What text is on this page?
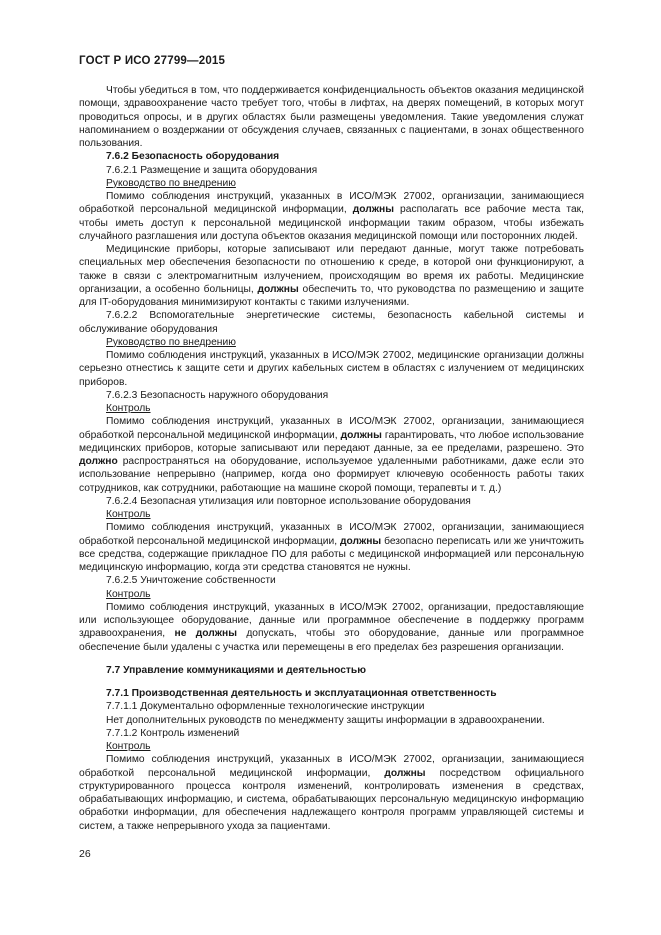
ГОСТ Р ИСО 27799—2015

Чтобы убедиться в том, что поддерживается конфиденциальность объектов оказания медицинской помощи, здравоохранение часто требует того, чтобы в лифтах, на дверях помещений, в которых могут проводиться опросы, и в других областях были размещены уведомления. Такие уведомления служат напоминанием о воздержании от обсуждения случаев, связанных с пациентами, в зонах общественного пользования.

7.6.2 Безопасность оборудования

7.6.2.1 Размещение и защита оборудования

Руководство по внедрению

Помимо соблюдения инструкций, указанных в ИСО/МЭК 27002, организации, занимающиеся обработкой персональной медицинской информации, должны располагать все рабочие места так, чтобы иметь доступ к персональной медицинской информации таким образом, чтобы избежать случайного разглашения или доступа объектов оказания медицинской помощи или посторонних людей.

Медицинские приборы, которые записывают или передают данные, могут также потребовать специальных мер обеспечения безопасности по отношению к среде, в которой они функционируют, а также в связи с электромагнитным излучением, происходящим во время их работы. Медицинские организации, а особенно больницы, должны обеспечить то, что руководства по размещению и защите для IT-оборудования минимизируют контакты с такими излучениями.

7.6.2.2 Вспомогательные энергетические системы, безопасность кабельной системы и обслуживание оборудования

Руководство по внедрению

Помимо соблюдения инструкций, указанных в ИСО/МЭК 27002, медицинские организации должны серьезно отнестись к защите сети и других кабельных систем в областях с излучением от медицинских приборов.

7.6.2.3 Безопасность наружного оборудования

Контроль

Помимо соблюдения инструкций, указанных в ИСО/МЭК 27002, организации, занимающиеся обработкой персональной медицинской информации, должны гарантировать, что любое использование медицинских приборов, которые записывают или передают данные, за ее пределами, разрешено. Это должно распространяться на оборудование, используемое удаленными работниками, даже если это использование непрерывно (например, когда оно формирует ключевую особенность работы таких сотрудников, как сотрудники, работающие на машине скорой помощи, терапевты и т. д.)

7.6.2.4 Безопасная утилизация или повторное использование оборудования

Контроль

Помимо соблюдения инструкций, указанных в ИСО/МЭК 27002, организации, занимающиеся обработкой персональной медицинской информации, должны безопасно переписать или же уничтожить все средства, содержащие прикладное ПО для работы с медицинской информацией или персональную медицинскую информацию, когда эти средства становятся не нужны.

7.6.2.5 Уничтожение собственности

Контроль

Помимо соблюдения инструкций, указанных в ИСО/МЭК 27002, организации, предоставляющие или использующее оборудование, данные или программное обеспечение в поддержку программ здравоохранения, не должны допускать, чтобы это оборудование, данные или программное обеспечение были удалены с участка или перемещены в его пределах без разрешения организации.

7.7 Управление коммуникациями и деятельностью

7.7.1 Производственная деятельность и эксплуатационная ответственность

7.7.1.1 Документально оформленные технологические инструкции

Нет дополнительных руководств по менеджменту защиты информации в здравоохранении.

7.7.1.2 Контроль изменений

Контроль

Помимо соблюдения инструкций, указанных в ИСО/МЭК 27002, организации, занимающиеся обработкой персональной медицинской информации, должны посредством официального структурированного процесса контроля изменений, контролировать изменения в средствах, обрабатывающих информацию, и система, обрабатывающих персональную медицинскую информацию обработки информации, для обеспечения надлежащего контроля программ управляющей системы и систем, а также непрерывного ухода за пациентами.

26
